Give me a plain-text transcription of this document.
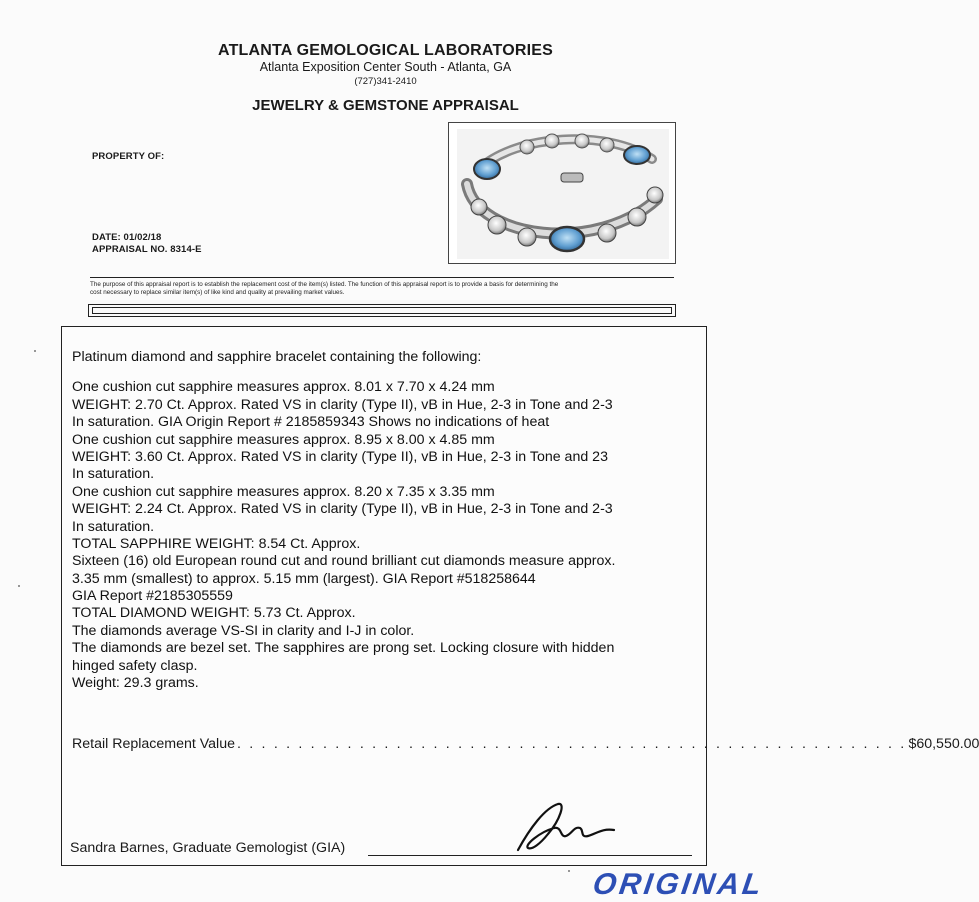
ATLANTA GEMOLOGICAL LABORATORIES
Atlanta Exposition Center South - Atlanta, GA
(727)341-2410
JEWELRY & GEMSTONE APPRAISAL
PROPERTY OF:
DATE: 01/02/18
APPRAISAL NO. 8314-E
The purpose of this appraisal report is to establish the replacement cost of the item(s) listed. The function of this appraisal report is to provide a basis for determining the
cost necessary to replace similar item(s) of like kind and quality at prevailing market values.
Platinum diamond and sapphire bracelet containing the following:
One cushion cut sapphire measures approx. 8.01 x 7.70 x 4.24 mm
WEIGHT: 2.70 Ct. Approx. Rated VS in clarity (Type II), vB in Hue, 2-3 in Tone and 2-3
In saturation. GIA Origin Report # 2185859343 Shows no indications of heat
One cushion cut sapphire measures approx. 8.95 x 8.00 x 4.85 mm
WEIGHT: 3.60 Ct. Approx. Rated VS in clarity (Type II), vB in Hue, 2-3 in Tone and 23
In saturation.
One cushion cut sapphire measures approx. 8.20 x 7.35 x 3.35 mm
WEIGHT: 2.24 Ct. Approx. Rated VS in clarity (Type II), vB in Hue, 2-3 in Tone and 2-3
In saturation.
TOTAL SAPPHIRE WEIGHT: 8.54 Ct. Approx.
Sixteen (16) old European round cut and round brilliant cut diamonds measure approx.
3.35 mm (smallest) to approx. 5.15 mm (largest). GIA Report #518258644
GIA Report #2185305559
TOTAL DIAMOND WEIGHT: 5.73 Ct. Approx.
The diamonds average VS-SI in clarity and I-J in color.
The diamonds are bezel set. The sapphires are prong set. Locking closure with hidden
hinged safety clasp.
Weight: 29.3 grams.
Retail Replacement Value . . . . . . . . . . . . . . . . . . . . . . . . . . . . . . . . . . . . . . . . . . . . . . . . . . . . . . . $60,550.00
Sandra Barnes, Graduate Gemologist (GIA)
ORIGINAL
